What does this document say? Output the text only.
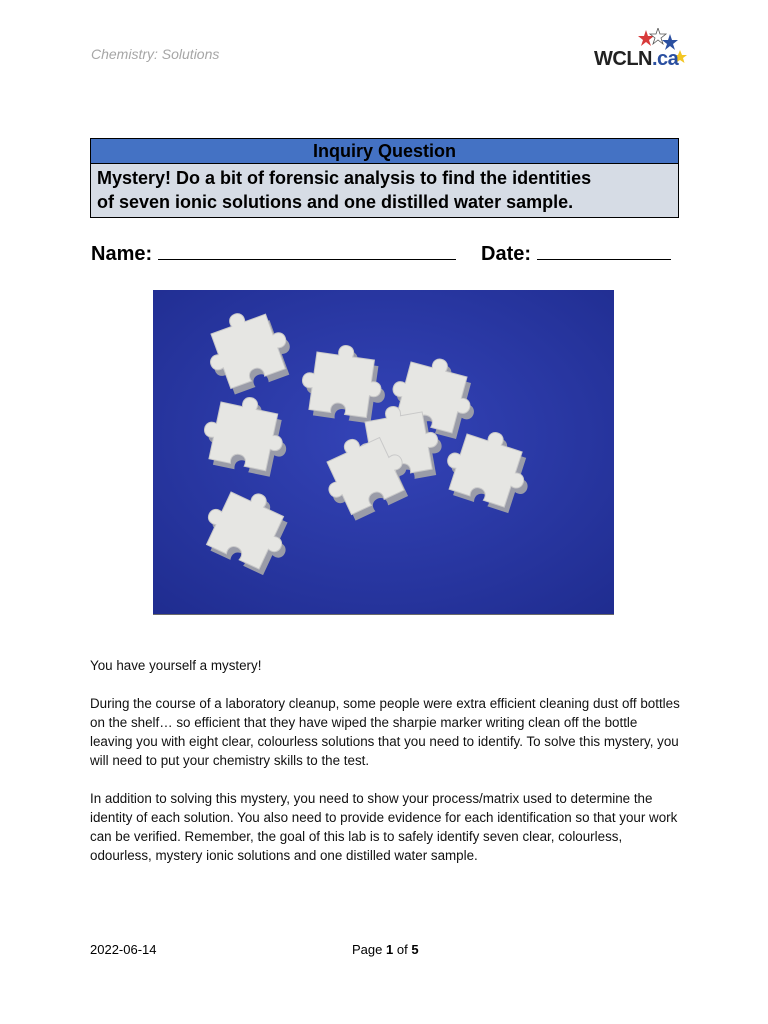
Chemistry: Solutions	WCLN.ca
Inquiry Question
Mystery! Do a bit of forensic analysis to find the identities
of seven ionic solutions and one distilled water sample.
Name:	Date:
You have yourself a mystery!
During the course of a laboratory cleanup, some people were extra efficient cleaning dust off bottles on the shelf… so efficient that they have wiped the sharpie marker writing clean off the bottle leaving you with eight clear, colourless solutions that you need to identify. To solve this mystery, you will need to put your chemistry skills to the test.
In addition to solving this mystery, you need to show your process/matrix used to determine the identity of each solution. You also need to provide evidence for each identification so that your work can be verified. Remember, the goal of this lab is to safely identify seven clear, colourless, odourless, mystery ionic solutions and one distilled water sample.
2022-06-14	Page 1 of 5
